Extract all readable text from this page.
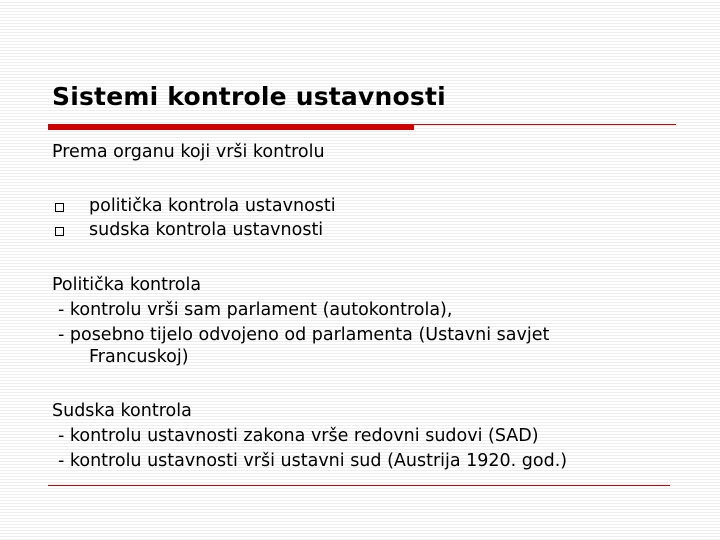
Sistemi kontrole ustavnosti
Prema organu koji vrši kontrolu
politička kontrola ustavnosti
sudska kontrola ustavnosti
Politička kontrola
- kontrolu vrši sam parlament (autokontrola),
- posebno tijelo odvojeno od parlamenta (Ustavni savjet
Francuskoj)
Sudska kontrola
- kontrolu ustavnosti zakona vrše redovni sudovi (SAD)
- kontrolu ustavnosti vrši ustavni sud (Austrija 1920. god.)
